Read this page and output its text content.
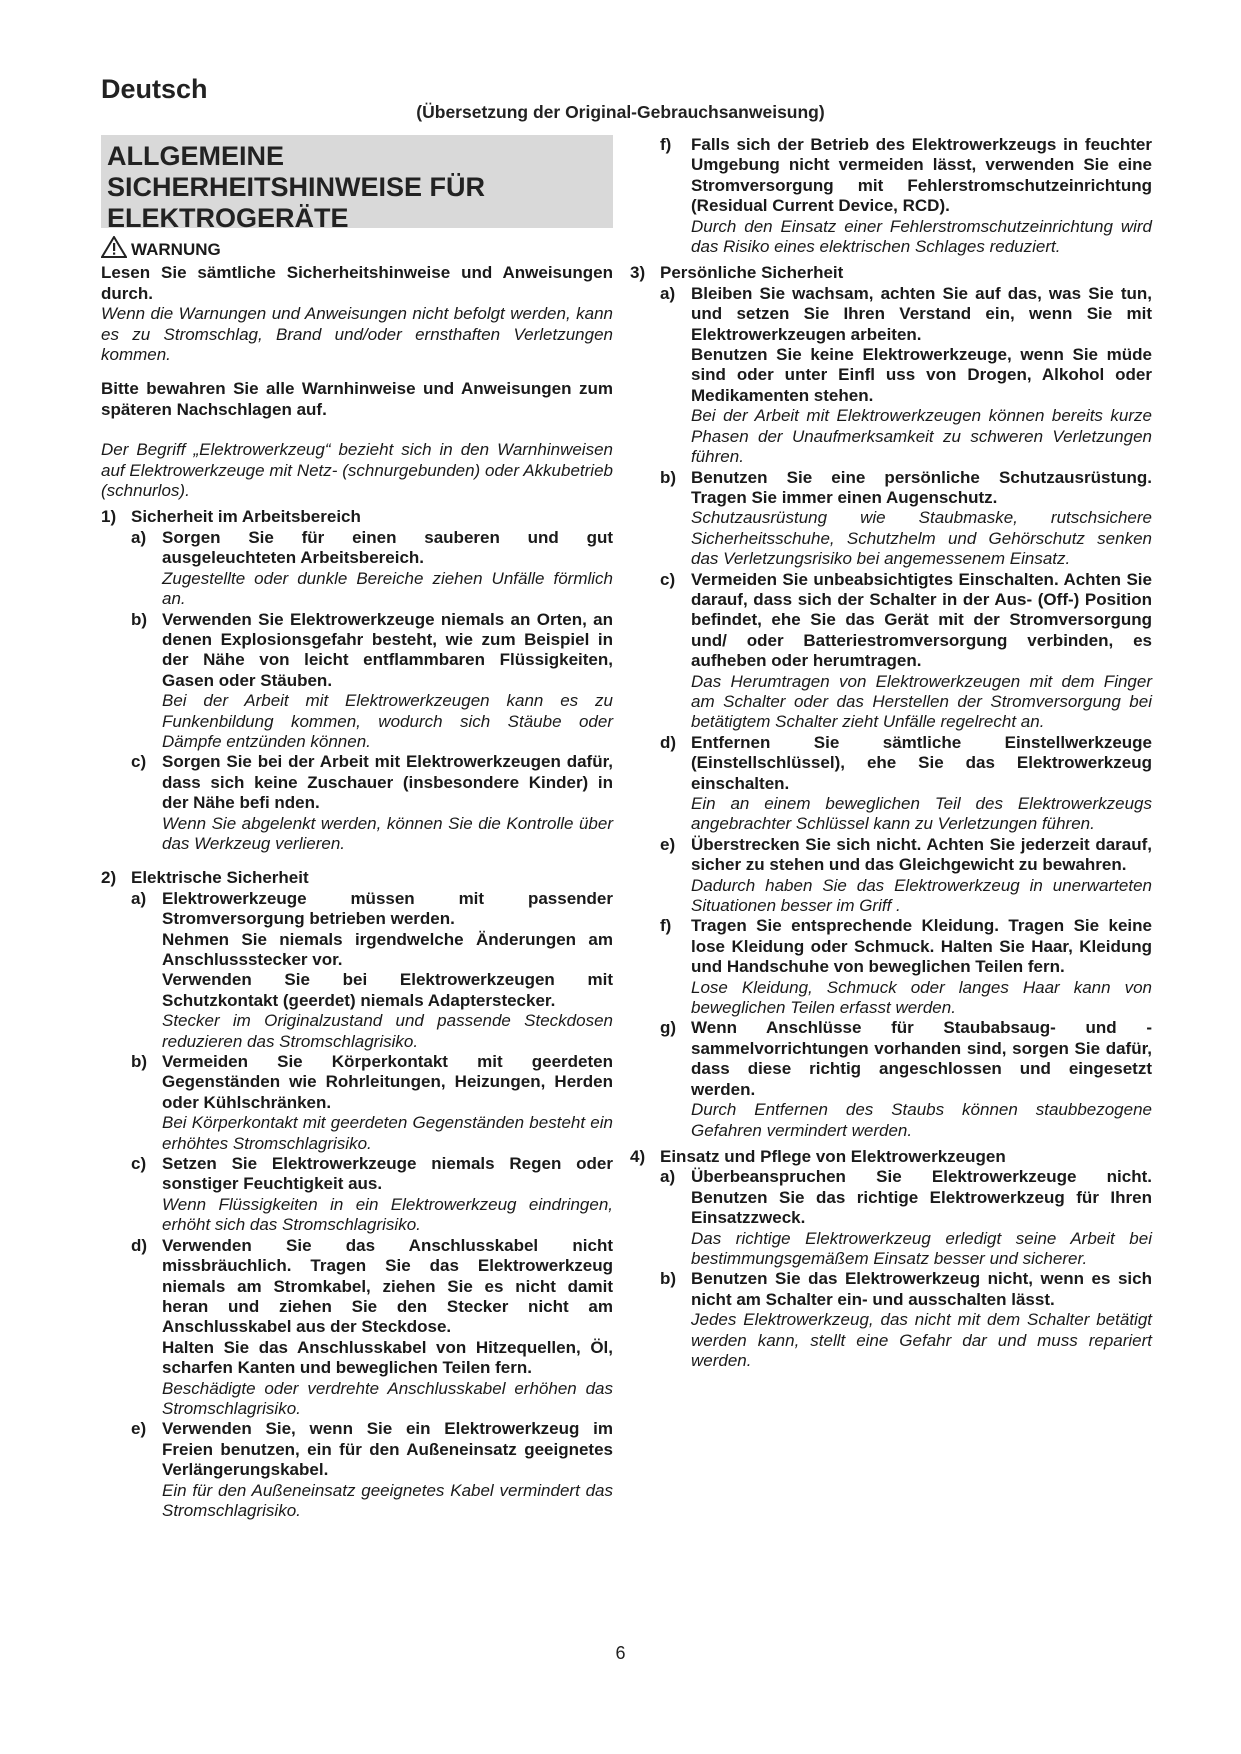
Deutsch
(Übersetzung der Original-Gebrauchsanweisung)
ALLGEMEINE
SICHERHEITSHINWEISE FÜR
ELEKTROGERÄTE
WARNUNG

Lesen Sie sämtliche Sicherheitshinweise und Anweisungen durch.

Wenn die Warnungen und Anweisungen nicht befolgt werden, kann es zu Stromschlag, Brand und/oder ernsthaften Verletzungen kommen.

Bitte bewahren Sie alle Warnhinweise und Anweisungen zum späteren Nachschlagen auf.

Der Begriff „Elektrowerkzeug“ bezieht sich in den Warnhinweisen auf Elektrowerkzeuge mit Netz- (schnurgebunden) oder Akkubetrieb (schnurlos).

1) Sicherheit im Arbeitsbereich
a) Sorgen Sie für einen sauberen und gut ausgeleuchteten Arbeitsbereich.

Zugestellte oder dunkle Bereiche ziehen Unfälle förmlich an.

b) Verwenden Sie Elektrowerkzeuge niemals an Orten, an denen Explosionsgefahr besteht, wie zum Beispiel in der Nähe von leicht entflammbaren Flüssigkeiten, Gasen oder Stäuben.

Bei der Arbeit mit Elektrowerkzeugen kann es zu Funkenbildung kommen, wodurch sich Stäube oder Dämpfe entzünden können.

c) Sorgen Sie bei der Arbeit mit Elektrowerkzeugen dafür, dass sich keine Zuschauer (insbesondere Kinder) in der Nähe befi nden.

Wenn Sie abgelenkt werden, können Sie die Kontrolle über das Werkzeug verlieren.

2) Elektrische Sicherheit
a) Elektrowerkzeuge müssen mit passender Stromversorgung betrieben werden.

Nehmen Sie niemals irgendwelche Änderungen am Anschlussstecker vor.

Verwenden Sie bei Elektrowerkzeugen mit Schutzkontakt (geerdet) niemals Adapterstecker.

Stecker im Originalzustand und passende Steckdosen reduzieren das Stromschlagrisiko.

b) Vermeiden Sie Körperkontakt mit geerdeten Gegenständen wie Rohrleitungen, Heizungen, Herden oder Kühlschränken.

Bei Körperkontakt mit geerdeten Gegenständen besteht ein erhöhtes Stromschlagrisiko.

c) Setzen Sie Elektrowerkzeuge niemals Regen oder sonstiger Feuchtigkeit aus.

Wenn Flüssigkeiten in ein Elektrowerkzeug eindringen, erhöht sich das Stromschlagrisiko.

d) Verwenden Sie das Anschlusskabel nicht missbräuchlich. Tragen Sie das Elektrowerkzeug niemals am Stromkabel, ziehen Sie es nicht damit heran und ziehen Sie den Stecker nicht am Anschlusskabel aus der Steckdose.

Halten Sie das Anschlusskabel von Hitzequellen, Öl, scharfen Kanten und beweglichen Teilen fern.

Beschädigte oder verdrehte Anschlusskabel erhöhen das Stromschlagrisiko.

e) Verwenden Sie, wenn Sie ein Elektrowerkzeug im Freien benutzen, ein für den Außeneinsatz geeignetes Verlängerungskabel.

Ein für den Außeneinsatz geeignetes Kabel vermindert das Stromschlagrisiko.

f)	Falls sich der Betrieb des Elektrowerkzeugs in feuchter Umgebung nicht vermeiden lässt, verwenden Sie eine Stromversorgung mit Fehlerstromschutzeinrichtung (Residual Current Device, RCD).

Durch den Einsatz einer Fehlerstromschutzeinrichtung wird das Risiko eines elektrischen Schlages reduziert.

3) Persönliche Sicherheit
a) Bleiben Sie wachsam, achten Sie auf das, was Sie tun, und setzen Sie Ihren Verstand ein, wenn Sie mit Elektrowerkzeugen arbeiten.

Benutzen Sie keine Elektrowerkzeuge, wenn Sie müde sind oder unter Einfl uss von Drogen, Alkohol oder Medikamenten stehen.

Bei der Arbeit mit Elektrowerkzeugen können bereits kurze Phasen der Unaufmerksamkeit zu schweren Verletzungen führen.

b) Benutzen Sie eine persönliche Schutzausrüstung. Tragen Sie immer einen Augenschutz.

Schutzausrüstung wie Staubmaske, rutschsichere Sicherheitsschuhe, Schutzhelm und Gehörschutz senken das Verletzungsrisiko bei angemessenem Einsatz.

c) Vermeiden Sie unbeabsichtigtes Einschalten. Achten Sie darauf, dass sich der Schalter in der Aus- (Off-) Position befindet, ehe Sie das Gerät mit der Stromversorgung und/ oder Batteriestromversorgung verbinden, es aufheben oder herumtragen.

Das Herumtragen von Elektrowerkzeugen mit dem Finger am Schalter oder das Herstellen der Stromversorgung bei betätigtem Schalter zieht Unfälle regelrecht an.

d) Entfernen Sie sämtliche Einstellwerkzeuge (Einstellschlüssel), ehe Sie das Elektrowerkzeug einschalten.

Ein an einem beweglichen Teil des Elektrowerkzeugs angebrachter Schlüssel kann zu Verletzungen führen.

e) Überstrecken Sie sich nicht. Achten Sie jederzeit darauf, sicher zu stehen und das Gleichgewicht zu bewahren.

Dadurch haben Sie das Elektrowerkzeug in unerwarteten Situationen besser im Griff .

f)	Tragen Sie entsprechende Kleidung. Tragen Sie keine lose Kleidung oder Schmuck. Halten Sie Haar, Kleidung und Handschuhe von beweglichen Teilen fern.

Lose Kleidung, Schmuck oder langes Haar kann von beweglichen Teilen erfasst werden.

g) Wenn Anschlüsse für Staubabsaug- und -sammelvorrichtungen vorhanden sind, sorgen Sie dafür, dass diese richtig angeschlossen und eingesetzt werden.

Durch Entfernen des Staubs können staubbezogene Gefahren vermindert werden.

4) Einsatz und Pflege von Elektrowerkzeugen
a) Überbeanspruchen Sie Elektrowerkzeuge nicht. Benutzen Sie das richtige Elektrowerkzeug für Ihren Einsatzzweck.

Das richtige Elektrowerkzeug erledigt seine Arbeit bei bestimmungsgemäßem Einsatz besser und sicherer.

b) Benutzen Sie das Elektrowerkzeug nicht, wenn es sich nicht am Schalter ein- und ausschalten lässt.

Jedes Elektrowerkzeug, das nicht mit dem Schalter betätigt werden kann, stellt eine Gefahr dar und muss repariert werden.

6
